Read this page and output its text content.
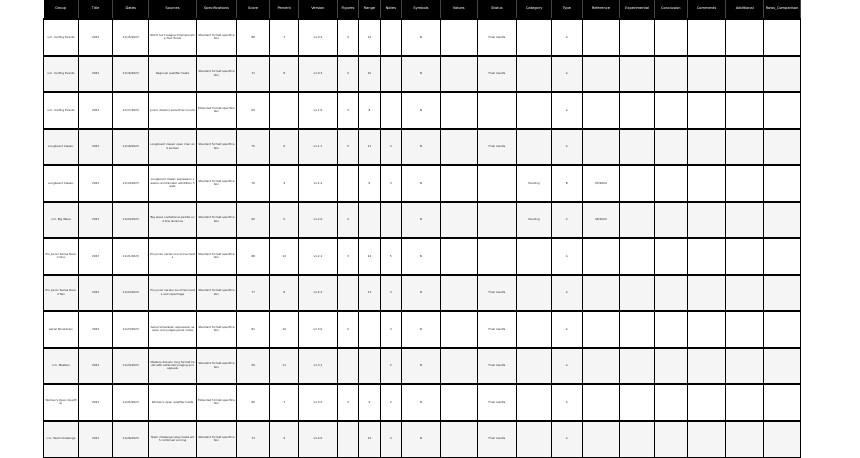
Group	Title	Dates	Sources	Specifications	Score	Percent	Version	Figures	Range	Notes	Symbols	Values	Status	Category	Type	Reference	Experimental	Conclusion	Comments	Additional	Rows_Comparison
v.m. Surfing Events	2023	11/15/2023	World Surf League Championship Tour finals	Standard format specification	88	7	v1.0.2	4	12		N		Final results		A						
v.m. Surfing Events	2023	11/16/2023	Regional qualifier heats	Standard format specification	71	8	v1.0.3	2	10		N		Final results		A						
v.m. Surfing Events	2023	11/17/2023	Junior division semi-final rounds	Extended format specification	64		v1.1.0	3	8		N				A						
Longboard Classic	2023	11/18/2023	Longboard classic open men and women	Standard format specification	75	6	v1.1.1	5	11	4	N		Final results		A						
Longboard Classic	2023	11/19/2023	Longboard classic expression session and tandem exhibition heats	Standard format specification	70	9	v1.1.2		6	3	N			Pending	B	05/2024					
v.m. Big Wave	2023	11/20/2023	Big wave invitational paddle and tow divisions	Standard format specification	62	5	v1.2.0	4			N			Pending	C	06/2024					
Pro Junior Series Round One	2023	11/21/2023	Pro junior series round one heats	Standard format specification	68	12	v1.2.1	3	14	5	N				A						
Pro Junior Series Round Two	2023	11/22/2023	Pro junior series round two heats and repechage	Standard format specification	77	8	v1.2.2		13	4	N		Final results		A						
Aerial Showdown	2023	11/23/2023	Aerial showdown expression session and judges panel notes	Standard format specification	81	10	v1.3.0	2		3	N		Final results		A						
v.m. Masters	2023	11/24/2023	Masters division long format heats with extended judging and appeals	Standard format specification	59	11	v1.3.1			2	N		Final results		A						
Women's Open Qualifier	2023	11/25/2023	Women's open qualifier heats	Extended format specification	66	7	v1.3.2	3	9	2	N		Final results		A						
v.m. Team Challenge	2023	11/26/2023	Team challenge relay heats with combined scoring	Standard format specification	73	9	v1.4.0		12	4	N		Final results		A						
